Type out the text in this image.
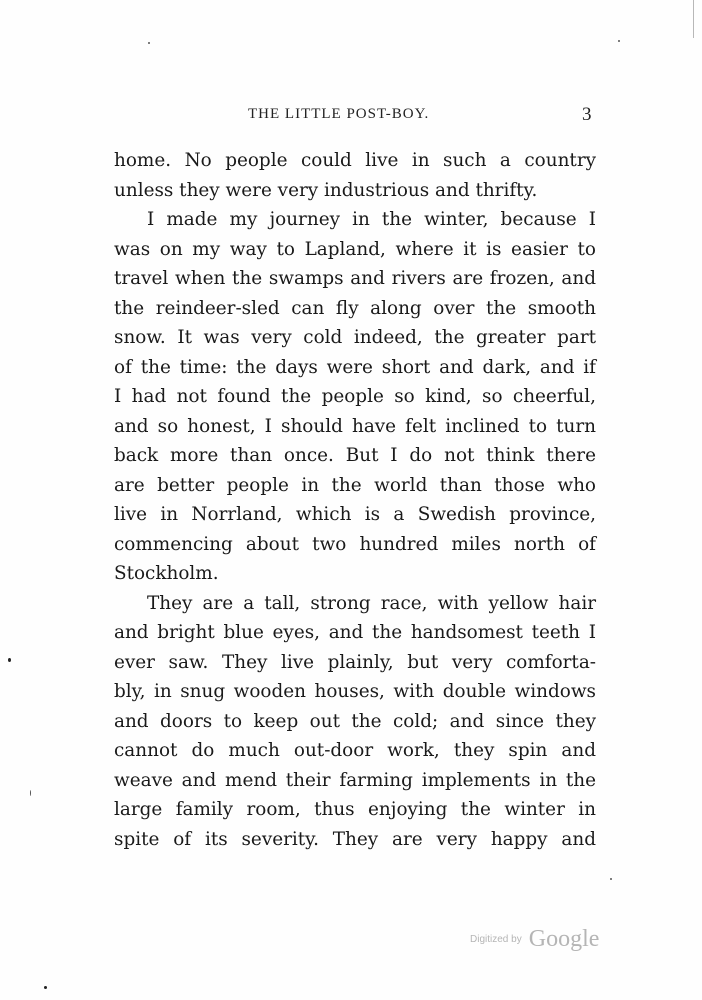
THE LITTLE POST-BOY.	3
home. No people could live in such a country
unless they were very industrious and thrifty.
I made my journey in the winter, because I
was on my way to Lapland, where it is easier to
travel when the swamps and rivers are frozen, and
the reindeer-sled can fly along over the smooth
snow. It was very cold indeed, the greater part
of the time: the days were short and dark, and if
I had not found the people so kind, so cheerful,
and so honest, I should have felt inclined to turn
back more than once. But I do not think there
are better people in the world than those who
live in Norrland, which is a Swedish province,
commencing about two hundred miles north of
Stockholm.
They are a tall, strong race, with yellow hair
and bright blue eyes, and the handsomest teeth I
ever saw. They live plainly, but very comforta-
bly, in snug wooden houses, with double windows
and doors to keep out the cold; and since they
cannot do much out-door work, they spin and
weave and mend their farming implements in the
large family room, thus enjoying the winter in
spite of its severity. They are very happy and
Digitized by Google
